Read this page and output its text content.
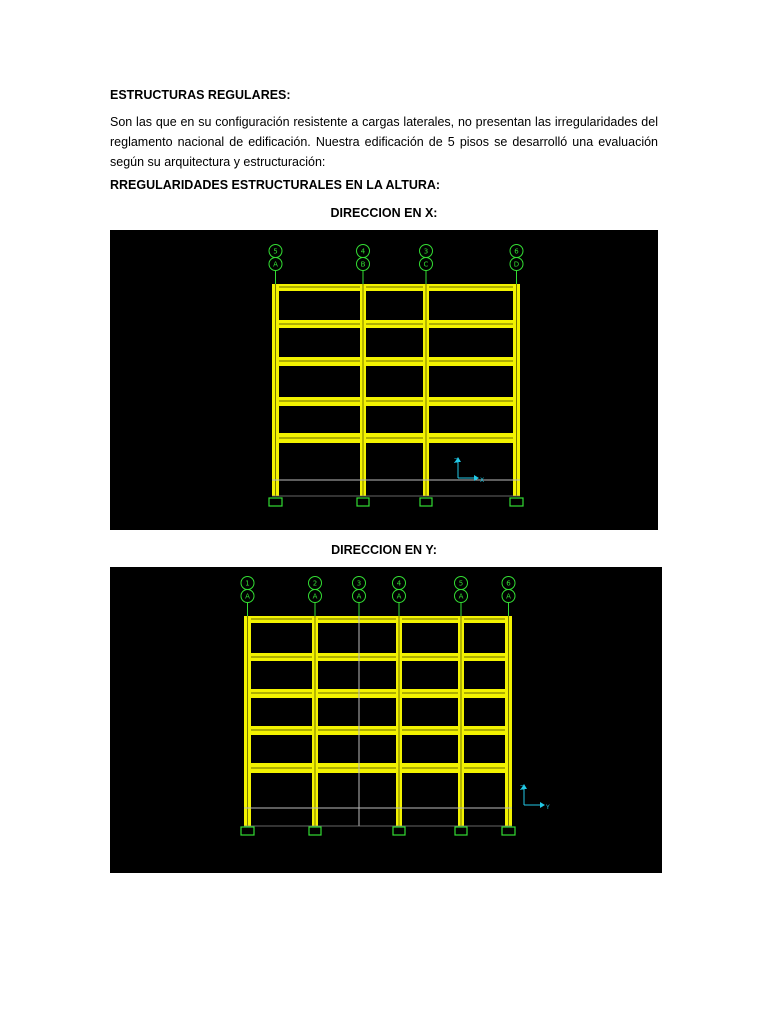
ESTRUCTURAS REGULARES:
Son las que en su configuración resistente a cargas laterales, no presentan las irregularidades del reglamento nacional de edificación. Nuestra edificación de 5 pisos se desarrolló una evaluación según su arquitectura y estructuración:
RREGULARIDADES ESTRUCTURALES EN LA ALTURA:
DIRECCION EN X:
5
A
4
B
3
C
6
D
Z
X
DIRECCION EN Y:
1
A
2
A
3
A
4
A
5
A
6
A
Z
Y
